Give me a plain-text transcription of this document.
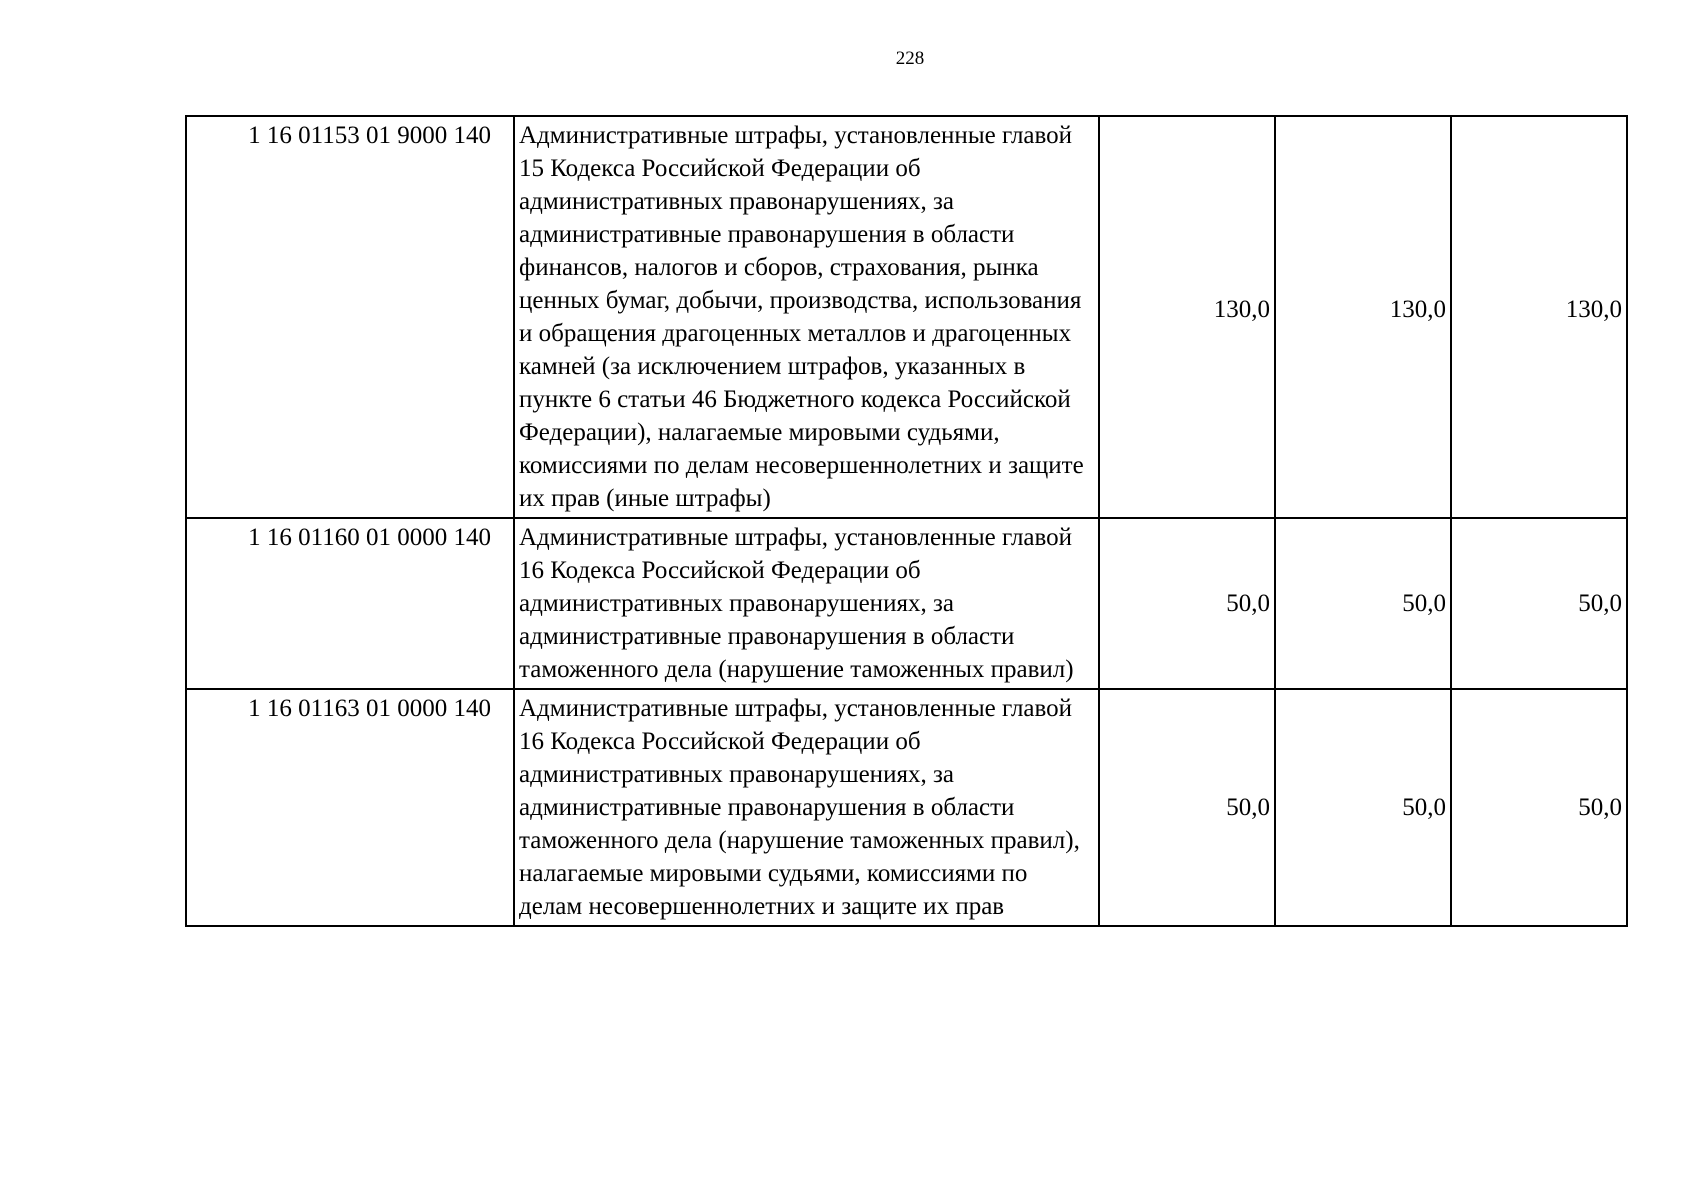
228
1 16 01153 01 9000 140	Административные штрафы, установленные главой 15 Кодекса Российской Федерации об административных правонарушениях, за административные правонарушения в области финансов, налогов и сборов, страхования, рынка ценных бумаг, добычи, производства, использования и обращения драгоценных металлов и драгоценных камней (за исключением штрафов, указанных в пункте 6 статьи 46 Бюджетного кодекса Российской Федерации), налагаемые мировыми судьями, комиссиями по делам несовершеннолетних и защите их прав (иные штрафы)	130,0	130,0	130,0
1 16 01160 01 0000 140	Административные штрафы, установленные главой 16 Кодекса Российской Федерации об административных правонарушениях, за административные правонарушения в области таможенного дела (нарушение таможенных правил)	50,0	50,0	50,0
1 16 01163 01 0000 140	Административные штрафы, установленные главой 16 Кодекса Российской Федерации об административных правонарушениях, за административные правонарушения в области таможенного дела (нарушение таможенных правил), налагаемые мировыми судьями, комиссиями по делам несовершеннолетних и защите их прав	50,0	50,0	50,0
